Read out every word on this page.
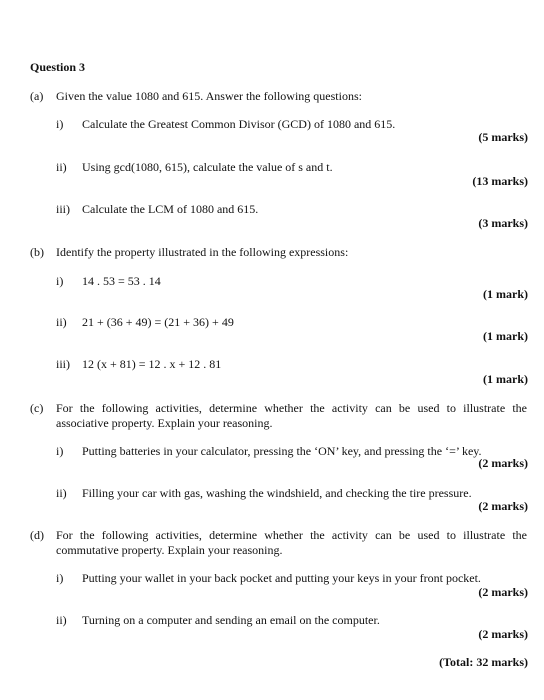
Question 3
(a) Given the value 1080 and 615. Answer the following questions:
i) Calculate the Greatest Common Divisor (GCD) of 1080 and 615.
(5 marks)
ii) Using gcd(1080, 615), calculate the value of s and t.
(13 marks)
iii) Calculate the LCM of 1080 and 615.
(3 marks)
(b) Identify the property illustrated in the following expressions:
i) 14 . 53 = 53 . 14
(1 mark)
ii) 21 + (36 + 49) = (21 + 36) + 49
(1 mark)
iii) 12 (x + 81) = 12 . x + 12 . 81
(1 mark)
(c) For the following activities, determine whether the activity can be used to illustrate the associative property. Explain your reasoning.
i) Putting batteries in your calculator, pressing the ‘ON’ key, and pressing the ‘=’ key.
(2 marks)
ii) Filling your car with gas, washing the windshield, and checking the tire pressure.
(2 marks)
(d) For the following activities, determine whether the activity can be used to illustrate the commutative property. Explain your reasoning.
i) Putting your wallet in your back pocket and putting your keys in your front pocket.
(2 marks)
ii) Turning on a computer and sending an email on the computer.
(2 marks)
(Total: 32 marks)
